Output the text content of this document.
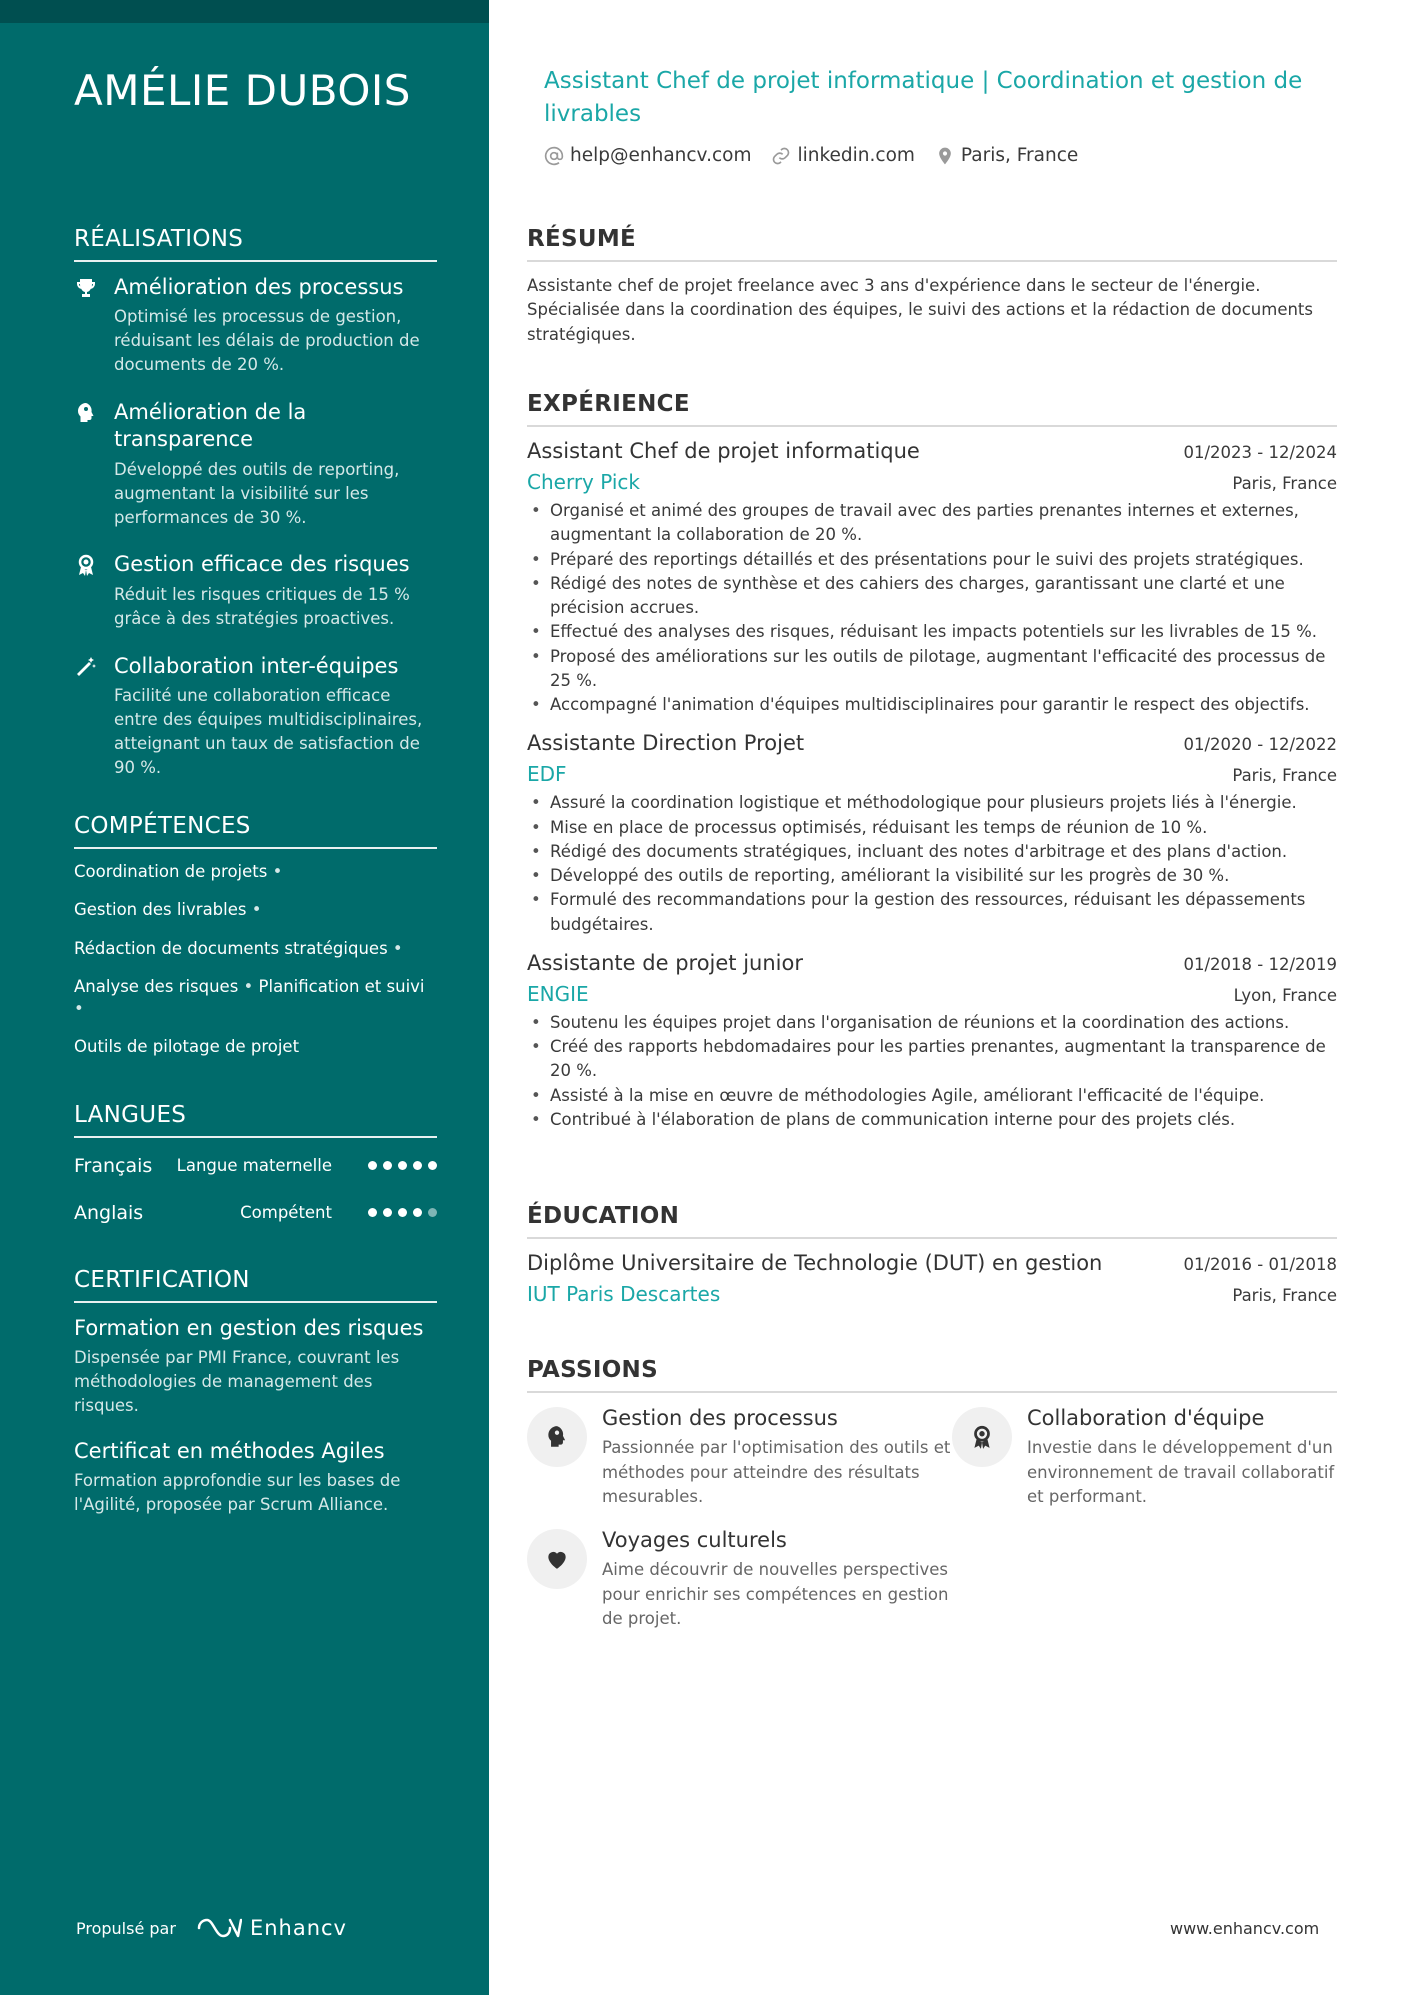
AMÉLIE DUBOIS
RÉALISATIONS
Amélioration des processus
Optimisé les processus de gestion, réduisant les délais de production de documents de 20 %.
Amélioration de la transparence
Développé des outils de reporting, augmentant la visibilité sur les performances de 30 %.
Gestion efficace des risques
Réduit les risques critiques de 15 % grâce à des stratégies proactives.
Collaboration inter-équipes
Facilité une collaboration efficace entre des équipes multidisciplinaires, atteignant un taux de satisfaction de 90 %.
COMPÉTENCES
Coordination de projets •
Gestion des livrables •
Rédaction de documents stratégiques •
Analyse des risques • Planification et suivi •
Outils de pilotage de projet
LANGUES
Français	Langue maternelle
Anglais	Compétent
CERTIFICATION
Formation en gestion des risques
Dispensée par PMI France, couvrant les méthodologies de management des risques.
Certificat en méthodes Agiles
Formation approfondie sur les bases de l'Agilité, proposée par Scrum Alliance.
Propulsé par	Enhancv
Assistant Chef de projet informatique | Coordination et gestion de livrables
help@enhancv.com linkedin.com Paris, France
RÉSUMÉ

Assistante chef de projet freelance avec 3 ans d'expérience dans le secteur de l'énergie. Spécialisée dans la coordination des équipes, le suivi des actions et la rédaction de documents stratégiques.

EXPÉRIENCE
Assistant Chef de projet informatique	01/2023 - 12/2024
Cherry Pick	Paris, France
• Organisé et animé des groupes de travail avec des parties prenantes internes et externes, augmentant la collaboration de 20 %.
• Préparé des reportings détaillés et des présentations pour le suivi des projets stratégiques.
• Rédigé des notes de synthèse et des cahiers des charges, garantissant une clarté et une précision accrues.
• Effectué des analyses des risques, réduisant les impacts potentiels sur les livrables de 15 %.
• Proposé des améliorations sur les outils de pilotage, augmentant l'efficacité des processus de 25 %.
• Accompagné l'animation d'équipes multidisciplinaires pour garantir le respect des objectifs.
Assistante Direction Projet	01/2020 - 12/2022
EDF	Paris, France
• Assuré la coordination logistique et méthodologique pour plusieurs projets liés à l'énergie.
• Mise en place de processus optimisés, réduisant les temps de réunion de 10 %.
• Rédigé des documents stratégiques, incluant des notes d'arbitrage et des plans d'action.
• Développé des outils de reporting, améliorant la visibilité sur les progrès de 30 %.
• Formulé des recommandations pour la gestion des ressources, réduisant les dépassements budgétaires.
Assistante de projet junior	01/2018 - 12/2019
ENGIE	Lyon, France
• Soutenu les équipes projet dans l'organisation de réunions et la coordination des actions.
• Créé des rapports hebdomadaires pour les parties prenantes, augmentant la transparence de 20 %.
• Assisté à la mise en œuvre de méthodologies Agile, améliorant l'efficacité de l'équipe.
• Contribué à l'élaboration de plans de communication interne pour des projets clés.
ÉDUCATION
Diplôme Universitaire de Technologie (DUT) en gestion	01/2016 - 01/2018
IUT Paris Descartes	Paris, France
PASSIONS
Gestion des processus
Passionnée par l'optimisation des outils et méthodes pour atteindre des résultats mesurables.
Collaboration d'équipe
Investie dans le développement d'un environnement de travail collaboratif et performant.
Voyages culturels
Aime découvrir de nouvelles perspectives pour enrichir ses compétences en gestion de projet.
www.enhancv.com
